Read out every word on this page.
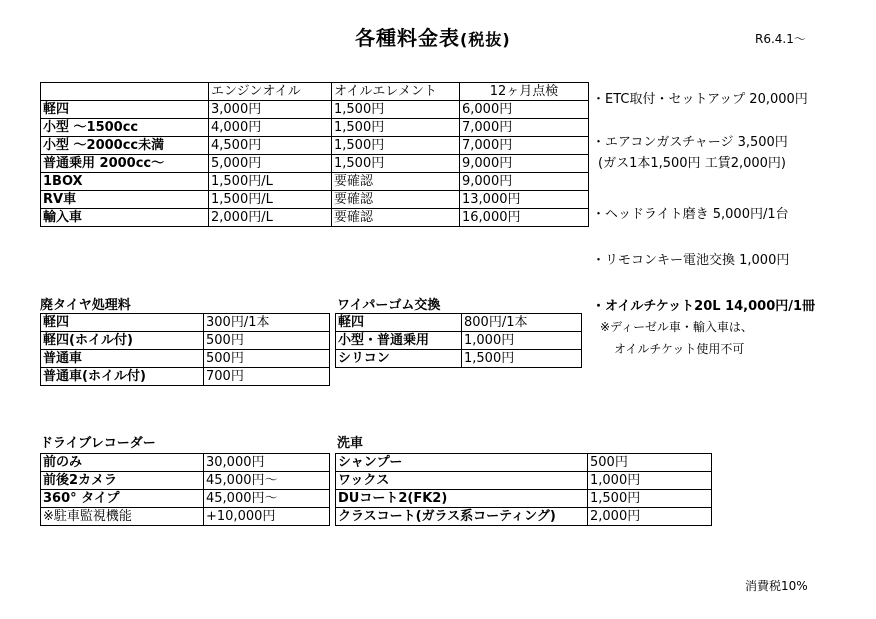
各種料金表(税抜)	R6.4.1〜
	エンジンオイル	オイルエレメント	12ヶ月点検
軽四	3,000円	1,500円	6,000円
小型 〜1500cc	4,000円	1,500円	7,000円
小型 〜2000cc未満	4,500円	1,500円	7,000円
普通乗用 2000cc〜	5,000円	1,500円	9,000円
1BOX	1,500円/L	要確認	9,000円
RV車	1,500円/L	要確認	13,000円
輸入車	2,000円/L	要確認	16,000円
・ETC取付・セットアップ 20,000円
・エアコンガスチャージ 3,500円
(ガス1本1,500円 工賃2,000円)
・ヘッドライト磨き 5,000円/1台
・リモコンキー電池交換 1,000円
・オイルチケット20L 14,000円/1冊
※ディーゼル車・輸入車は、
オイルチケット使用不可
廃タイヤ処理料
軽四	300円/1本
軽四(ホイル付)	500円
普通車	500円
普通車(ホイル付)	700円
ワイパーゴム交換
軽四	800円/1本
小型・普通乗用	1,000円
シリコン	1,500円
ドライブレコーダー
前のみ	30,000円
前後2カメラ	45,000円〜
360° タイプ	45,000円〜
※駐車監視機能	+10,000円
洗車
シャンプー	500円
ワックス	1,000円
DUコート2(FK2)	1,500円
クラスコート(ガラス系コーティング)	2,000円
消費税10%
